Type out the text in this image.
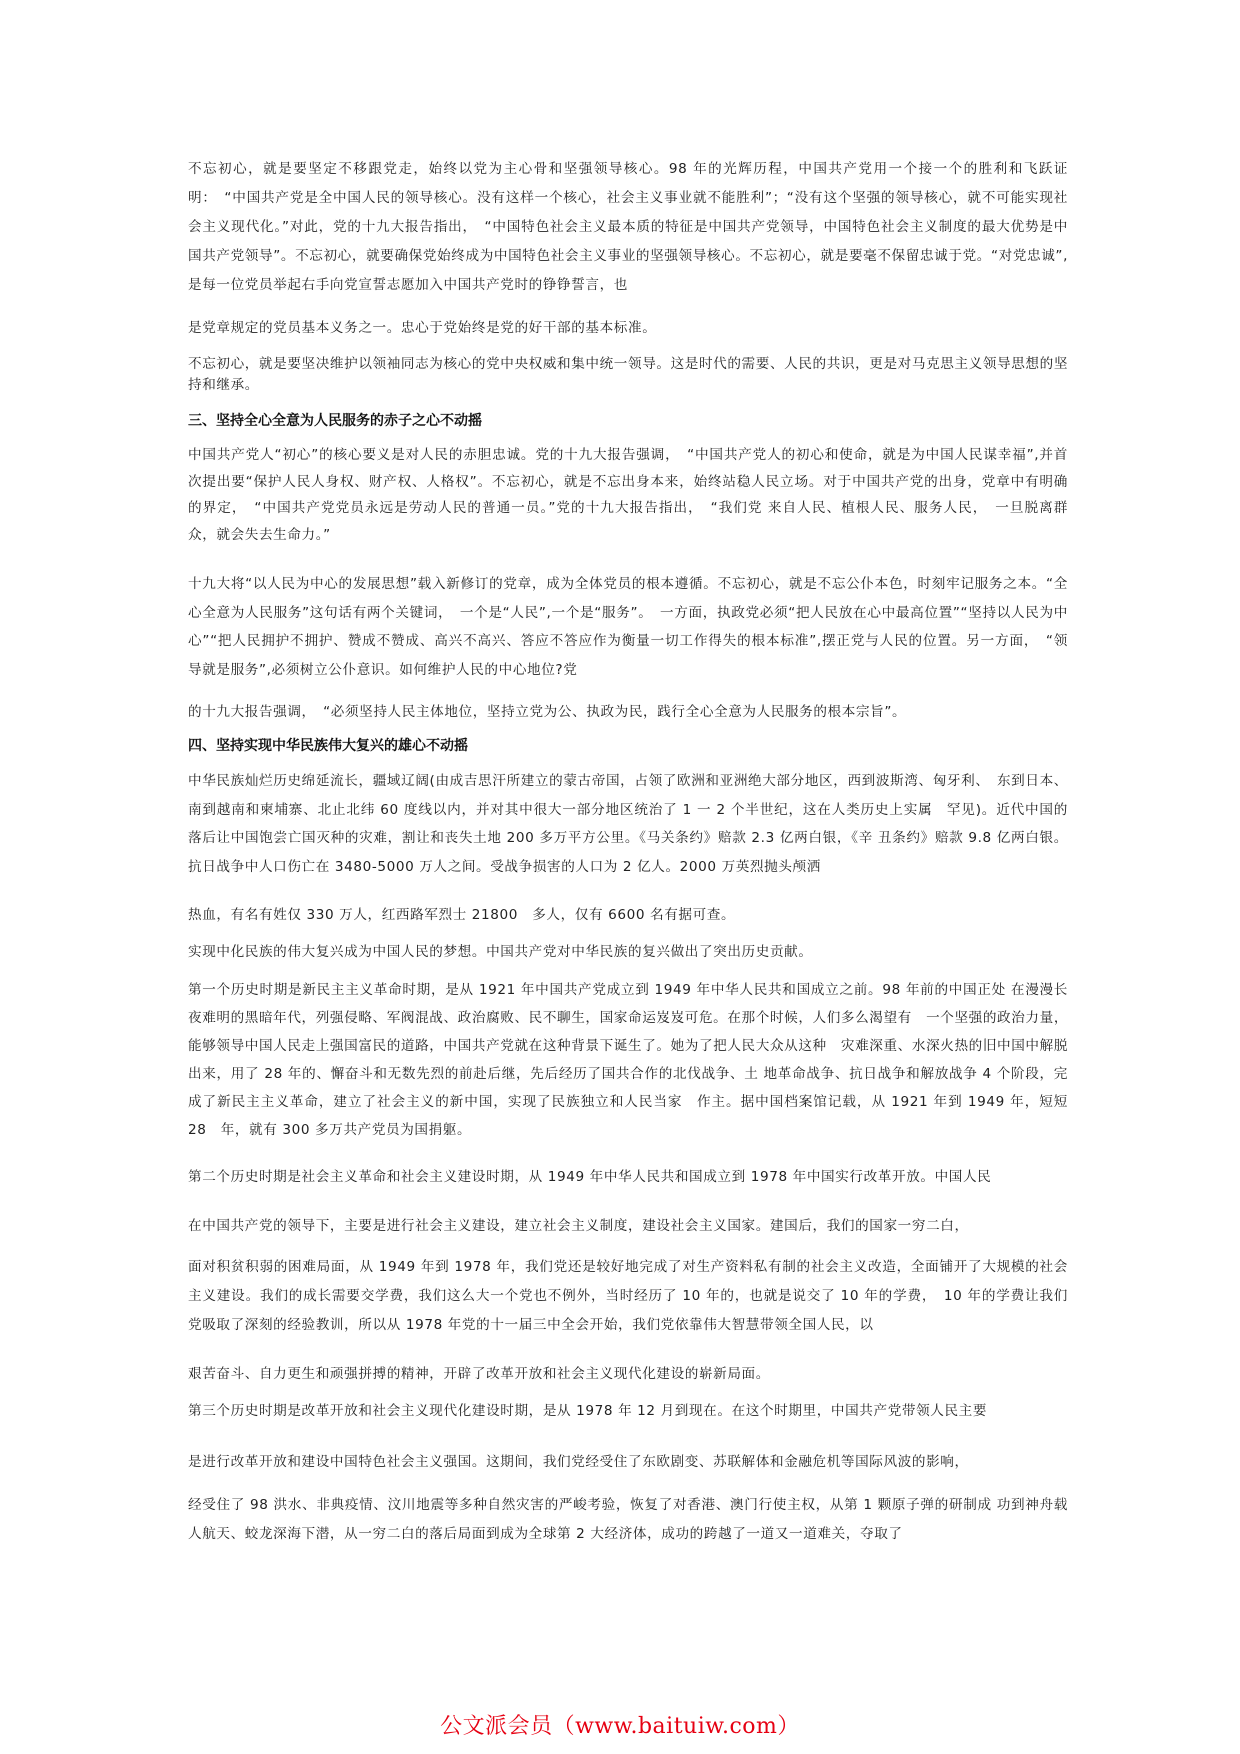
不忘初心，就是要坚定不移跟党走，始终以党为主心骨和坚强领导核心。98 年的光辉历程，中国共产党用一个接一个的胜利和飞跃证明：　“中国共产党是全中国人民的领导核心。没有这样一个核心，社会主义事业就不能胜利”；“没有这个坚强的领导核心，就不可能实现社会主义现代化。”对此，党的十九大报告指出，　“中国特色社会主义最本质的特征是中国共产党领导，中国特色社会主义制度的最大优势是中国共产党领导”。不忘初心，就要确保党始终成为中国特色社会主义事业的坚强领导核心。不忘初心，就是要毫不保留忠诚于党。“对党忠诚”,是每一位党员举起右手向党宣誓志愿加入中国共产党时的铮铮誓言，也

是党章规定的党员基本义务之一。忠心于党始终是党的好干部的基本标准。

不忘初心，就是要坚决维护以领袖同志为核心的党中央权威和集中统一领导。这是时代的需要、人民的共识，更是对马克思主义领导思想的坚持和继承。

三、坚持全心全意为人民服务的赤子之心不动摇

中国共产党人“初心”的核心要义是对人民的赤胆忠诚。党的十九大报告强调，　“中国共产党人的初心和使命，就是为中国人民谋幸福”,并首次提出要“保护人民人身权、财产权、人格权”。不忘初心，就是不忘出身本来，始终站稳人民立场。对于中国共产党的出身，党章中有明确的界定，　“中国共产党党员永远是劳动人民的普通一员。”党的十九大报告指出，　“我们党 来自人民、植根人民、服务人民，　一旦脱离群众，就会失去生命力。”

十九大将“以人民为中心的发展思想”载入新修订的党章，成为全体党员的根本遵循。不忘初心，就是不忘公仆本色，时刻牢记服务之本。“全心全意为人民服务”这句话有两个关键词，　一个是“人民”,一个是“服务”。　一方面，执政党必须“把人民放在心中最高位置”“坚持以人民为中心”“把人民拥护不拥护、赞成不赞成、高兴不高兴、答应不答应作为衡量一切工作得失的根本标准”,摆正党与人民的位置。另一方面，　“领导就是服务”,必须树立公仆意识。如何维护人民的中心地位?党

的十九大报告强调，　“必须坚持人民主体地位，坚持立党为公、执政为民，践行全心全意为人民服务的根本宗旨”。

四、坚持实现中华民族伟大复兴的雄心不动摇

中华民族灿烂历史绵延流长，疆域辽阔(由成吉思汗所建立的蒙古帝国，占领了欧洲和亚洲绝大部分地区，西到波斯湾、匈牙利、　东到日本、南到越南和柬埔寨、北止北纬 60 度线以内，并对其中很大一部分地区统治了 1 一 2 个半世纪，这在人类历史上实属　罕见)。近代中国的落后让中国饱尝亡国灭种的灾难，割让和丧失土地 200 多万平方公里。《马关条约》赔款 2.3 亿两白银，《辛 丑条约》赔款 9.8 亿两白银。抗日战争中人口伤亡在 3480-5000 万人之间。受战争损害的人口为 2 亿人。2000 万英烈抛头颅洒

热血，有名有姓仅 330 万人，红西路军烈士 21800　多人，仅有 6600 名有据可查。

实现中化民族的伟大复兴成为中国人民的梦想。中国共产党对中华民族的复兴做出了突出历史贡献。

第一个历史时期是新民主主义革命时期，是从 1921 年中国共产党成立到 1949 年中华人民共和国成立之前。98 年前的中国正处 在漫漫长夜难明的黑暗年代，列强侵略、军阀混战、政治腐败、民不聊生，国家命运岌岌可危。在那个时候，人们多么渴望有　一个坚强的政治力量，能够领导中国人民走上强国富民的道路，中国共产党就在这种背景下诞生了。她为了把人民大众从这种　灾难深重、水深火热的旧中国中解脱出来，用了 28 年的、懈奋斗和无数先烈的前赴后继，先后经历了国共合作的北伐战争、土 地革命战争、抗日战争和解放战争 4 个阶段，完成了新民主主义革命，建立了社会主义的新中国，实现了民族独立和人民当家　作主。据中国档案馆记载，从 1921 年到 1949 年，短短 28　年，就有 300 多万共产党员为国捐躯。

第二个历史时期是社会主义革命和社会主义建设时期，从 1949 年中华人民共和国成立到 1978 年中国实行改革开放。中国人民

在中国共产党的领导下，主要是进行社会主义建设，建立社会主义制度，建设社会主义国家。建国后，我们的国家一穷二白，

面对积贫积弱的困难局面，从 1949 年到 1978 年，我们党还是较好地完成了对生产资料私有制的社会主义改造，全面铺开了大规模的社会主义建设。我们的成长需要交学费，我们这么大一个党也不例外，当时经历了 10 年的，也就是说交了 10 年的学费，　10 年的学费让我们党吸取了深刻的经验教训，所以从 1978 年党的十一届三中全会开始，我们党依靠伟大智慧带领全国人民，以

艰苦奋斗、自力更生和顽强拼搏的精神，开辟了改革开放和社会主义现代化建设的崭新局面。

第三个历史时期是改革开放和社会主义现代化建设时期，是从 1978 年 12 月到现在。在这个时期里，中国共产党带领人民主要

是进行改革开放和建设中国特色社会主义强国。这期间，我们党经受住了东欧剧变、苏联解体和金融危机等国际风波的影响，

经受住了 98 洪水、非典疫情、汶川地震等多种自然灾害的严峻考验，恢复了对香港、澳门行使主权，从第 1 颗原子弹的研制成 功到神舟载人航天、蛟龙深海下潜，从一穷二白的落后局面到成为全球第 2 大经济体，成功的跨越了一道又一道难关，夺取了

公文派会员（www.baituiw.com）
